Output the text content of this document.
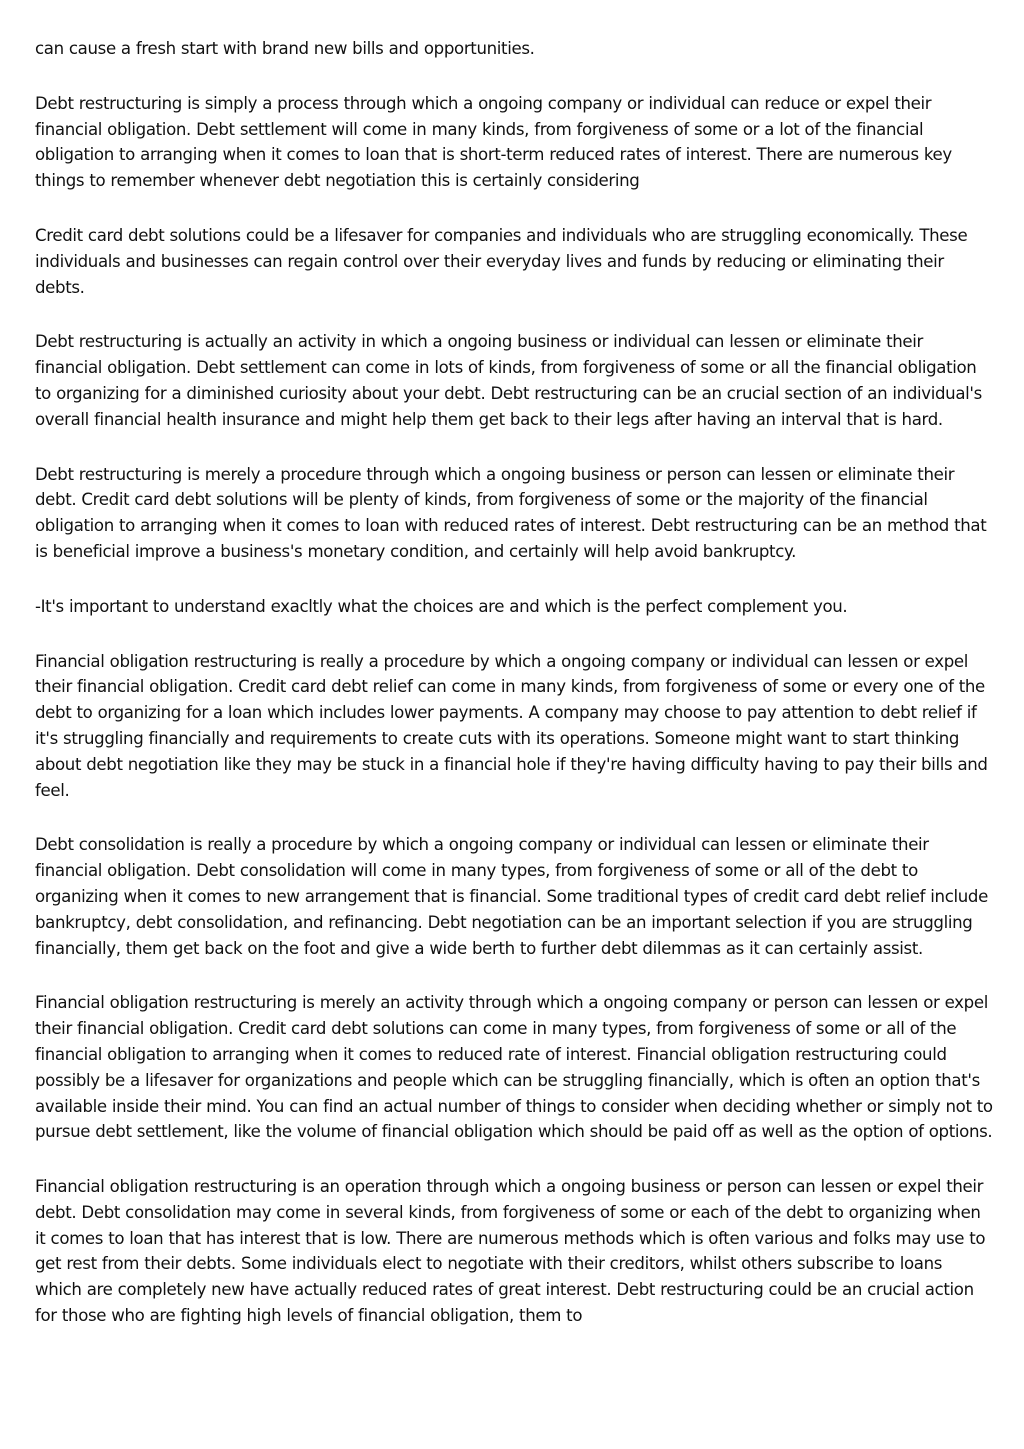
can cause a fresh start with brand new bills and opportunities.

Debt restructuring is simply a process through which a ongoing company or individual can reduce or expel their financial obligation. Debt settlement will come in many kinds, from forgiveness of some or a lot of the financial obligation to arranging when it comes to loan that is short-term reduced rates of interest. There are numerous key things to remember whenever debt negotiation this is certainly considering

Credit card debt solutions could be a lifesaver for companies and individuals who are struggling economically. These individuals and businesses can regain control over their everyday lives and funds by reducing or eliminating their debts.

Debt restructuring is actually an activity in which a ongoing business or individual can lessen or eliminate their financial obligation. Debt settlement can come in lots of kinds, from forgiveness of some or all the financial obligation to organizing for a diminished curiosity about your debt. Debt restructuring can be an crucial section of an individual's overall financial health insurance and might help them get back to their legs after having an interval that is hard.

Debt restructuring is merely a procedure through which a ongoing business or person can lessen or eliminate their debt. Credit card debt solutions will be plenty of kinds, from forgiveness of some or the majority of the financial obligation to arranging when it comes to loan with reduced rates of interest. Debt restructuring can be an method that is beneficial improve a business's monetary condition, and certainly will help avoid bankruptcy.

-It's important to understand exacltly what the choices are and which is the perfect complement you.

Financial obligation restructuring is really a procedure by which a ongoing company or individual can lessen or expel their financial obligation. Credit card debt relief can come in many kinds, from forgiveness of some or every one of the debt to organizing for a loan which includes lower payments. A company may choose to pay attention to debt relief if it's struggling financially and requirements to create cuts with its operations. Someone might want to start thinking about debt negotiation like they may be stuck in a financial hole if they're having difficulty having to pay their bills and feel.

Debt consolidation is really a procedure by which a ongoing company or individual can lessen or eliminate their financial obligation. Debt consolidation will come in many types, from forgiveness of some or all of the debt to organizing when it comes to new arrangement that is financial. Some traditional types of credit card debt relief include bankruptcy, debt consolidation, and refinancing. Debt negotiation can be an important selection if you are struggling financially, them get back on the foot and give a wide berth to further debt dilemmas as it can certainly assist.

Financial obligation restructuring is merely an activity through which a ongoing company or person can lessen or expel their financial obligation. Credit card debt solutions can come in many types, from forgiveness of some or all of the financial obligation to arranging when it comes to reduced rate of interest. Financial obligation restructuring could possibly be a lifesaver for organizations and people which can be struggling financially, which is often an option that's available inside their mind. You can find an actual number of things to consider when deciding whether or simply not to pursue debt settlement, like the volume of financial obligation which should be paid off as well as the option of options.

Financial obligation restructuring is an operation through which a ongoing business or person can lessen or expel their debt. Debt consolidation may come in several kinds, from forgiveness of some or each of the debt to organizing when it comes to loan that has interest that is low. There are numerous methods which is often various and folks may use to get rest from their debts. Some individuals elect to negotiate with their creditors, whilst others subscribe to loans which are completely new have actually reduced rates of great interest. Debt restructuring could be an crucial action for those who are fighting high levels of financial obligation, them to
